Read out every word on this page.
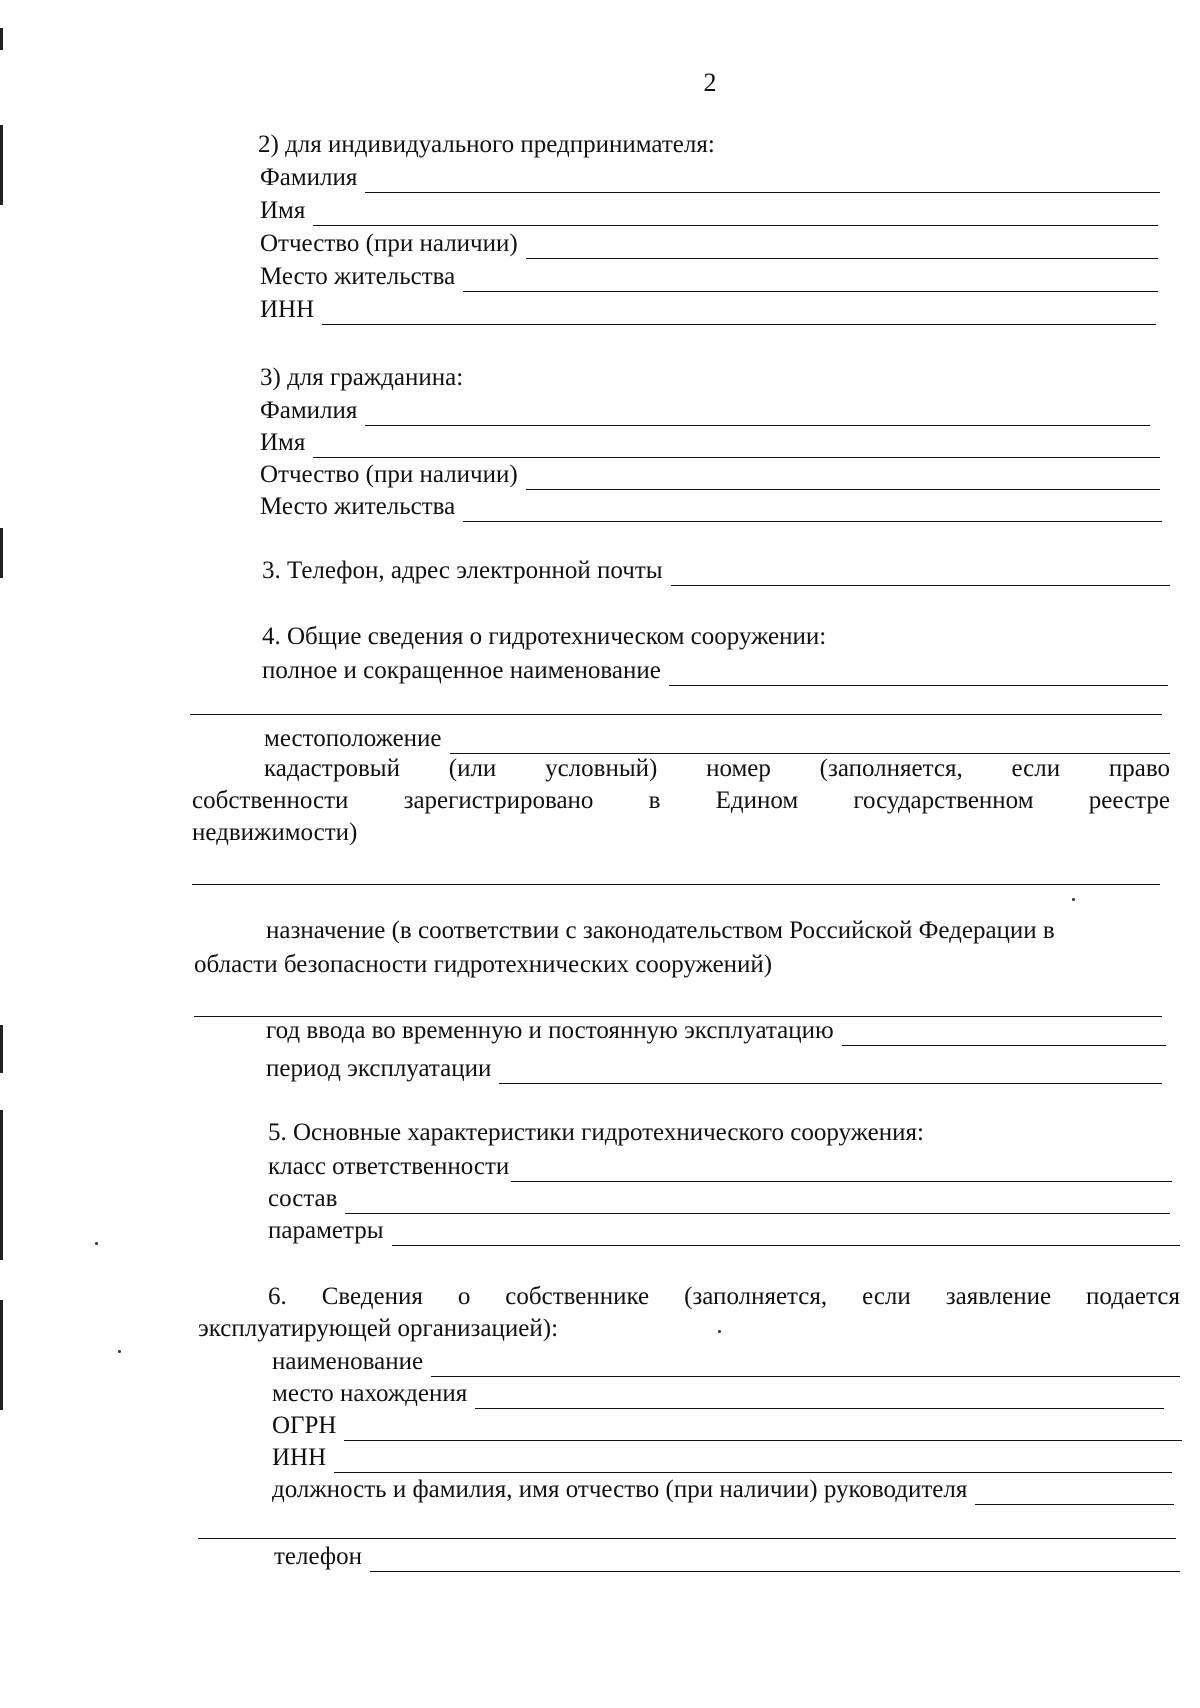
2
2) для индивидуального предпринимателя:
Фамилия
Имя
Отчество (при наличии)
Место жительства
ИНН
3) для гражданина:
Фамилия
Имя
Отчество (при наличии)
Место жительства
3. Телефон, адрес электронной почты
4. Общие сведения о гидротехническом сооружении:
полное и сокращенное наименование
местоположение
кадастровый (или условный) номер (заполняется, если право
собственности зарегистрировано в Едином государственном реестре
недвижимости)
назначение (в соответствии с законодательством Российской Федерации в
области безопасности гидротехнических сооружений)
год ввода во временную и постоянную эксплуатацию
период эксплуатации
5. Основные характеристики гидротехнического сооружения:
класс ответственности
состав
параметры
6. Сведения о собственнике (заполняется, если заявление подается
эксплуатирующей организацией):
наименование
место нахождения
ОГРН
ИНН
должность и фамилия, имя отчество (при наличии) руководителя
телефон
